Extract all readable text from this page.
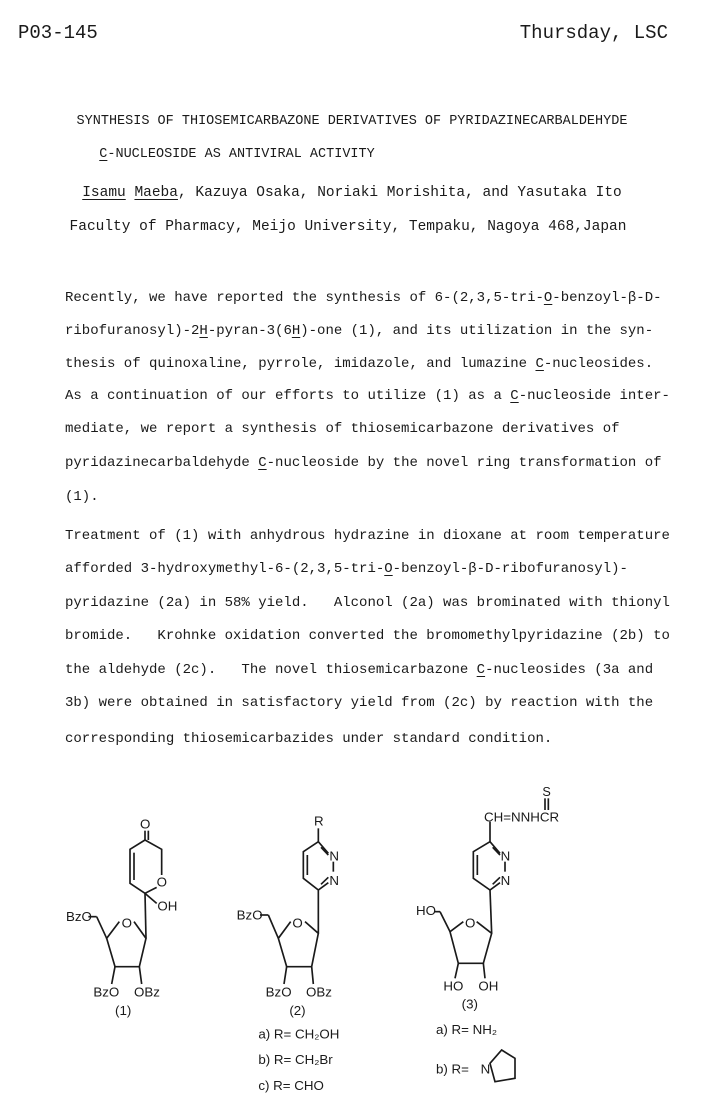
P03-145	Thursday, LSC
SYNTHESIS OF THIOSEMICARBAZONE DERIVATIVES OF PYRIDAZINECARBALDEHYDE
C-NUCLEOSIDE AS ANTIVIRAL ACTIVITY
Isamu Maeba, Kazuya Osaka, Noriaki Morishita, and Yasutaka Ito
Faculty of Pharmacy, Meijo University, Tempaku, Nagoya 468,Japan
Recently, we have reported the synthesis of 6-(2,3,5-tri-O-benzoyl-β-D-
ribofuranosyl)-2H-pyran-3(6H)-one (1), and its utilization in the syn-
thesis of quinoxaline, pyrrole, imidazole, and lumazine C-nucleosides.
As a continuation of our efforts to utilize (1) as a C-nucleoside inter-
mediate, we report a synthesis of thiosemicarbazone derivatives of
pyridazinecarbaldehyde C-nucleoside by the novel ring transformation of
(1).
Treatment of (1) with anhydrous hydrazine in dioxane at room temperature
afforded 3-hydroxymethyl-6-(2,3,5-tri-O-benzoyl-β-D-ribofuranosyl)-
pyridazine (2a) in 58% yield.   Alconol (2a) was brominated with thionyl
bromide.   Krohnke oxidation converted the bromomethylpyridazine (2b) to
the aldehyde (2c).   The novel thiosemicarbazone C-nucleosides (3a and
3b) were obtained in satisfactory yield from (2c) by reaction with the
corresponding thiosemicarbazides under standard condition.
O
O
OH
O
BzO
BzO OBz
(1)
R
N
N
O
BzO
BzO OBz
(2)
a) R= CH₂OH
b) R= CH₂Br
c) R= CHO
S
CH=NNHCR
N
N
O
HO
HO OH
(3)
a) R= NH₂
b) R= N
